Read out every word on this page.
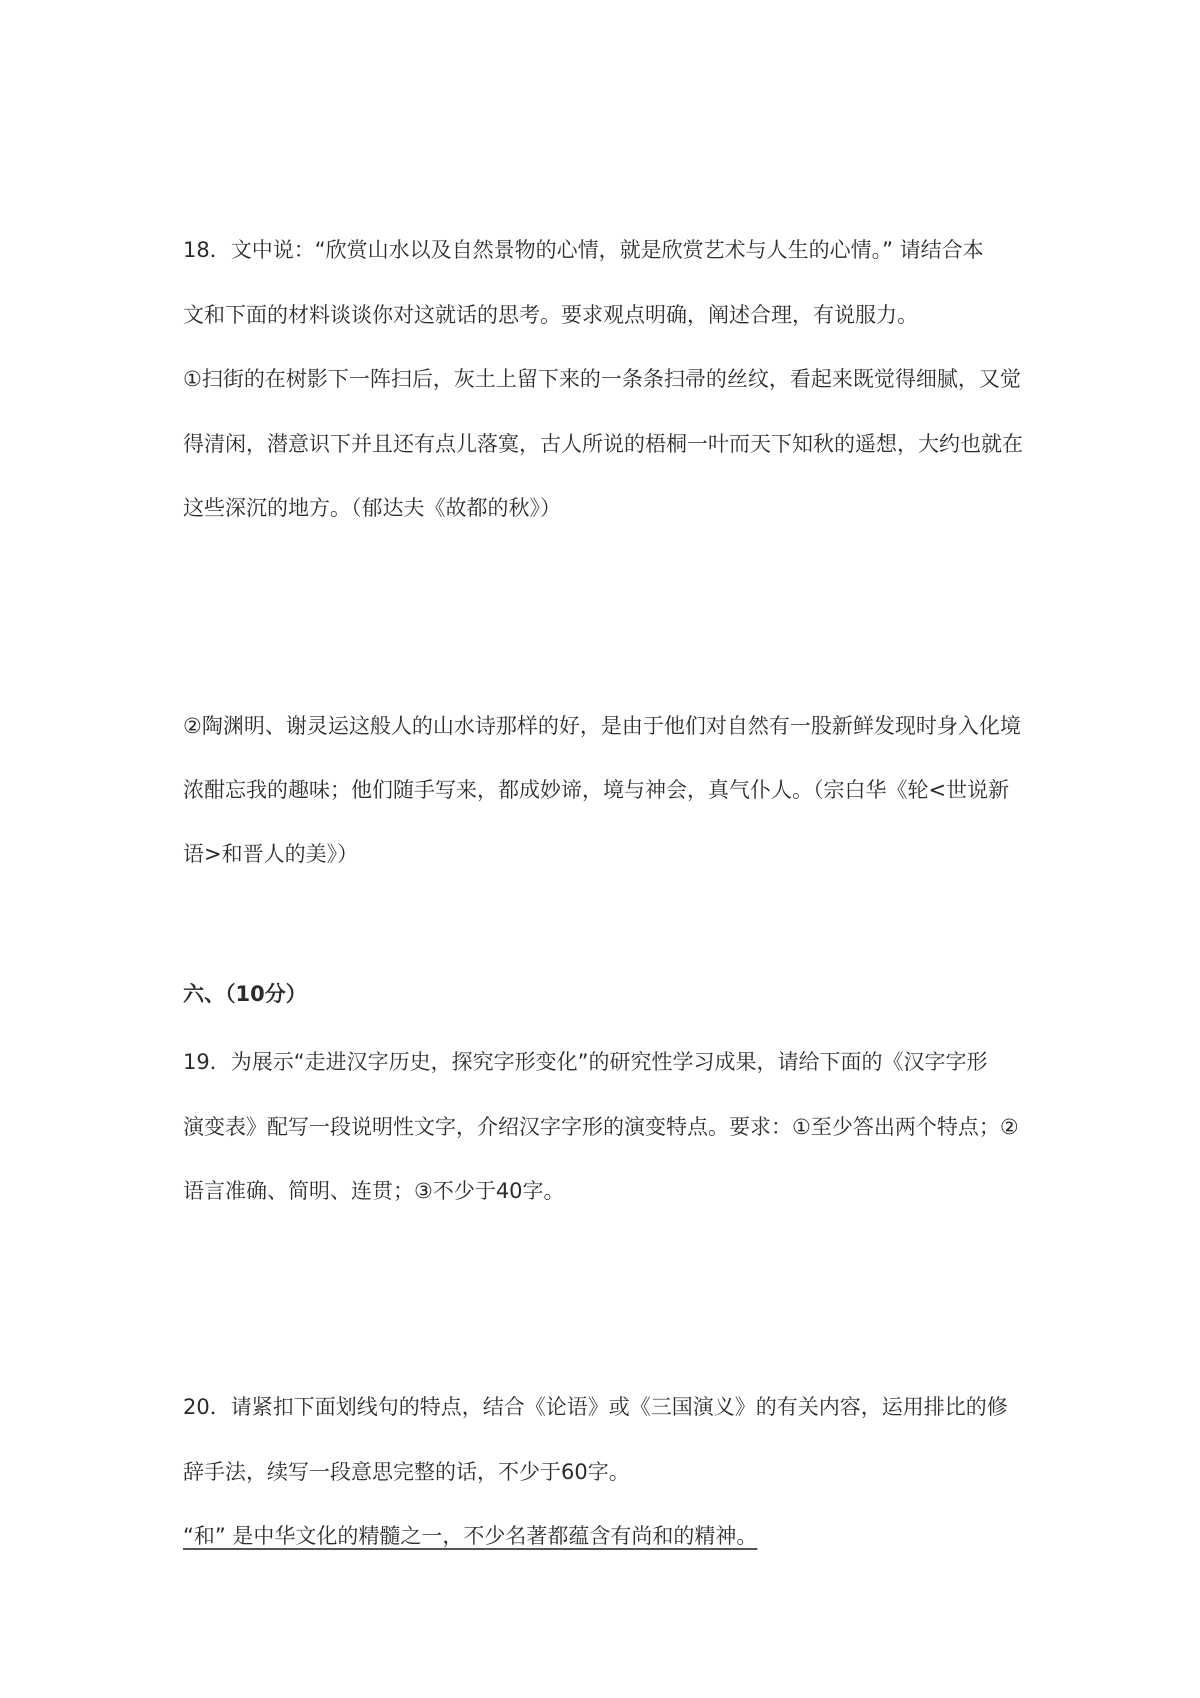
18．文中说：“欣赏山水以及自然景物的心情，就是欣赏艺术与人生的心情。” 请结合本
文和下面的材料谈谈你对这就话的思考。要求观点明确，阐述合理，有说服力。
①扫街的在树影下一阵扫后，灰土上留下来的一条条扫帚的丝纹，看起来既觉得细腻，又觉
得清闲，潜意识下并且还有点儿落寞，古人所说的梧桐一叶而天下知秋的遥想，大约也就在
这些深沉的地方。（郁达夫《故都的秋》）
②陶渊明、谢灵运这般人的山水诗那样的好，是由于他们对自然有一股新鲜发现时身入化境
浓酣忘我的趣味；他们随手写来，都成妙谛，境与神会，真气仆人。（宗白华《轮<世说新
语>和晋人的美》）
六、（10分）
19．为展示“走进汉字历史，探究字形变化”的研究性学习成果，请给下面的《汉字字形
演变表》配写一段说明性文字，介绍汉字字形的演变特点。要求：①至少答出两个特点；②
语言准确、简明、连贯；③不少于40字。
20．请紧扣下面划线句的特点，结合《论语》或《三国演义》的有关内容，运用排比的修
辞手法，续写一段意思完整的话，不少于60字。
“和” 是中华文化的精髓之一，不少名著都蕴含有尚和的精神。
